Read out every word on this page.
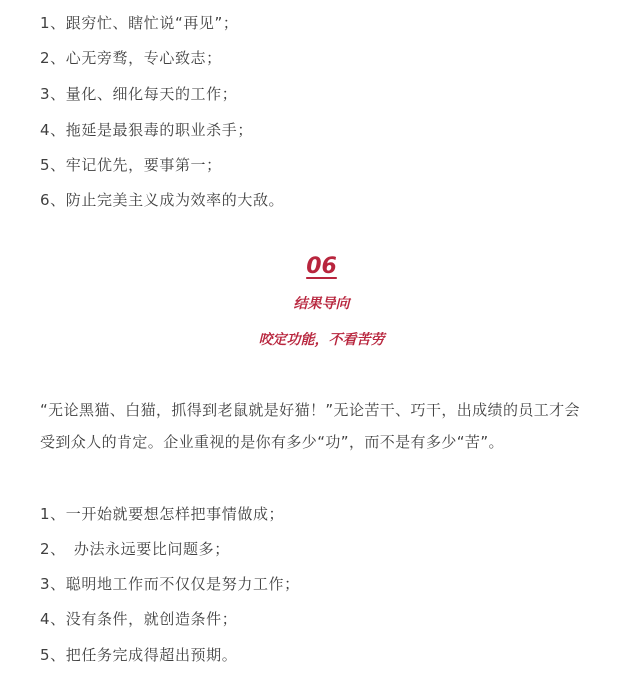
1、跟穷忙、瞎忙说“再见”；
2、心无旁骛，专心致志；
3、量化、细化每天的工作；
4、拖延是最狠毒的职业杀手；
5、牢记优先，要事第一；
6、防止完美主义成为效率的大敌。
06
结果导向
咬定功能，不看苦劳
“无论黑猫、白猫，抓得到老鼠就是好猫！”无论苦干、巧干，出成绩的员工才会
受到众人的肯定。企业重视的是你有多少“功”，而不是有多少“苦”。
1、一开始就要想怎样把事情做成；
2、　办法永远要比问题多；
3、聪明地工作而不仅仅是努力工作；
4、没有条件，就创造条件；
5、把任务完成得超出预期。
